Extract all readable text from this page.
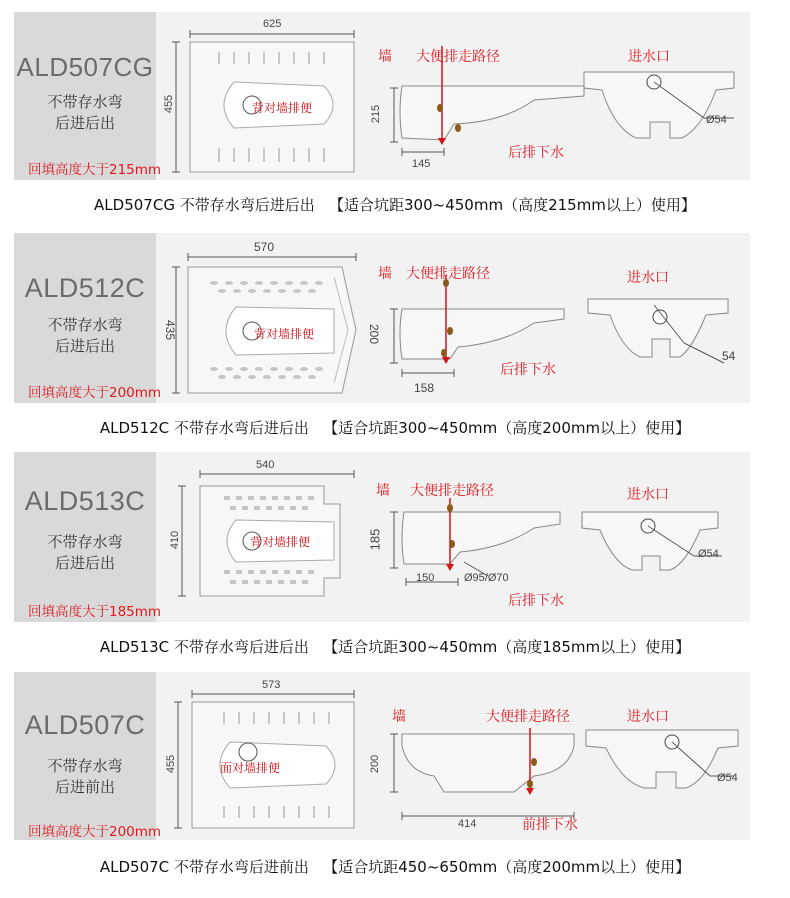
ALD507CG
不带存水弯
后进后出
回填高度大于215mm
625
455	背对墙排便
墙 大便排走路径
215
145
后排下水
进水口
Ø54
ALD507CG 不带存水弯后进后出   【适合坑距300~450mm（高度215mm以上）使用】
ALD512C
不带存水弯
后进后出
回填高度大于200mm
570
435	背对墙排便
墙 大便排走路径
200
158
后排下水
进水口
54
ALD512C 不带存水弯后进后出   【适合坑距300~450mm（高度200mm以上）使用】
ALD513C
不带存水弯
后进后出
回填高度大于185mm
540
410	背对墙排便
墙 大便排走路径
185
150	Ø95/Ø70
后排下水
进水口
Ø54
ALD513C 不带存水弯后进后出   【适合坑距300~450mm（高度185mm以上）使用】
ALD507C
不带存水弯
后进前出
回填高度大于200mm
573
455	面对墙排便
墙	大便排走路径
200
414	前排下水
进水口
Ø54
ALD507C 不带存水弯后进前出   【适合坑距450~650mm（高度200mm以上）使用】
